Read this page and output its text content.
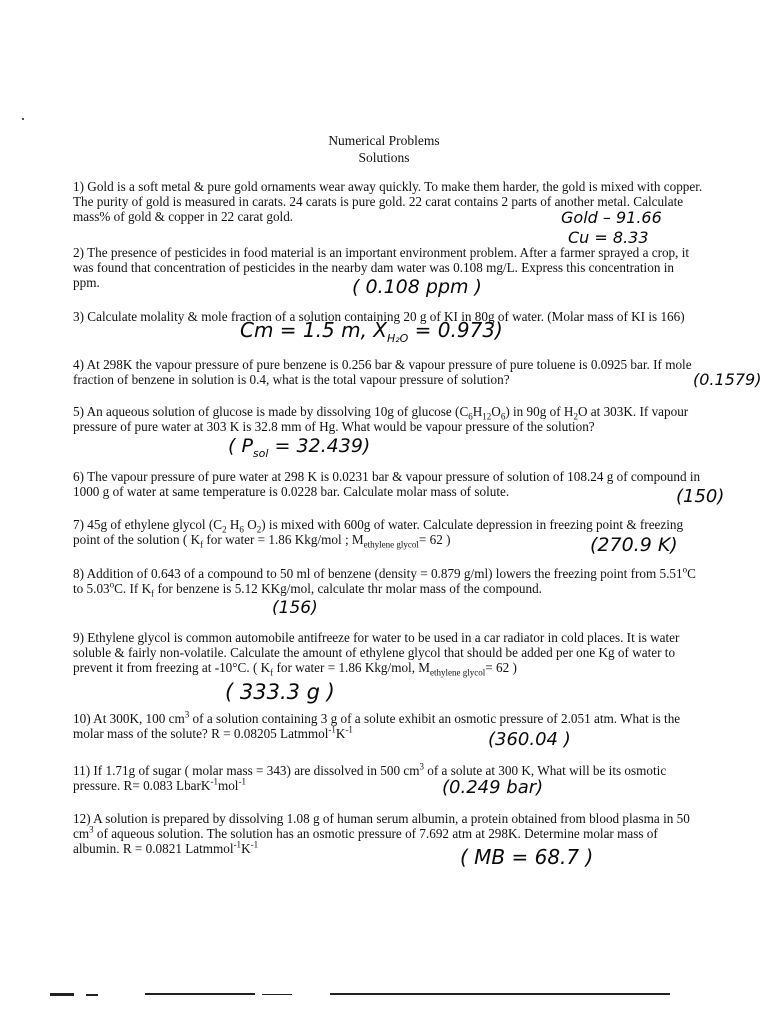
Numerical Problems
Solutions
1) Gold is a soft metal & pure gold ornaments wear away quickly. To make them harder, the gold is mixed with copper. The purity of gold is measured in carats. 24 carats is pure gold. 22 carat contains 2 parts of another metal. Calculate mass% of gold & copper in 22 carat gold.	Gold – 91.66
Cu = 8.33
2) The presence of pesticides in food material is an important environment problem. After a farmer sprayed a crop, it was found that concentration of pesticides in the nearby dam water was 0.108 mg/L. Express this concentration in ppm.	( 0.108 ppm )
3) Calculate molality & mole fraction of a solution containing 20 g of KI in 80g of water. (Molar mass of KI is 166)
Cm = 1.5 m, $X_{H_2O} = 0.973$)
4) At 298K the vapour pressure of pure benzene is 0.256 bar & vapour pressure of pure toluene is 0.0925 bar. If mole fraction of benzene in solution is 0.4, what is the total vapour pressure of solution?	(0.1579)
5) An aqueous solution of glucose is made by dissolving 10g of glucose $(C_6H_{12}O_6)$ in 90g of $H_2O$ at 303K. If vapour pressure of pure water at 303 K is 32.8 mm of Hg. What would be vapour pressure of the solution?
( $P_{sol} = 32.439$)
6) The vapour pressure of pure water at 298 K is 0.0231 bar & vapour pressure of solution of 108.24 g of compound in 1000 g of water at same temperature is 0.0228 bar. Calculate molar mass of solute.	(150)
7) 45g of ethylene glycol ($C_2$ $H_6$ $O_2$) is mixed with 600g of water. Calculate depression in freezing point & freezing point of the solution ( $K_f$ for water = 1.86 Kkg/mol ; $M_{ethylene glycol}= 62$ )	(270.9 K)
8) Addition of 0.643 of a compound to 50 ml of benzene (density = 0.879 g/ml) lowers the freezing point from 5.51$^o$C to 5.03$^o$C. If $K_f$ for benzene is 5.12 KKg/mol, calculate thr molar mass of the compound.
(156)
9) Ethylene glycol is common automobile antifreeze for water to be used in a car radiator in cold places. It is water soluble & fairly non-volatile. Calculate the amount of ethylene glycol that should be added per one Kg of water to prevent it from freezing at -10°C. ( $K_f$ for water = 1.86 Kkg/mol, $M_{ethylene glycol}= 62$ )
( 333.3 g )
10) At 300K, 100 $cm^3$ of a solution containing 3 g of a solute exhibit an osmotic pressure of 2.051 atm. What is the molar mass of the solute? R = 0.08205 $Latmmol^{-1}K^{-1}$	(360.04 )
11) If 1.71g of sugar ( molar mass = 343) are dissolved in 500 $cm^3$ of a solute at 300 K, What will be its osmotic pressure. R= 0.083 LbarK$^{-1}$mol$^{-1}$	(0.249 bar)
12) A solution is prepared by dissolving 1.08 g of human serum albumin, a protein obtained from blood plasma in 50 $cm^3$ of aqueous solution. The solution has an osmotic pressure of 7.692 atm at 298K. Determine molar mass of albumin. R = 0.0821 $Latmmol^{-1}K^{-1}$
( MB = 68.7 )
